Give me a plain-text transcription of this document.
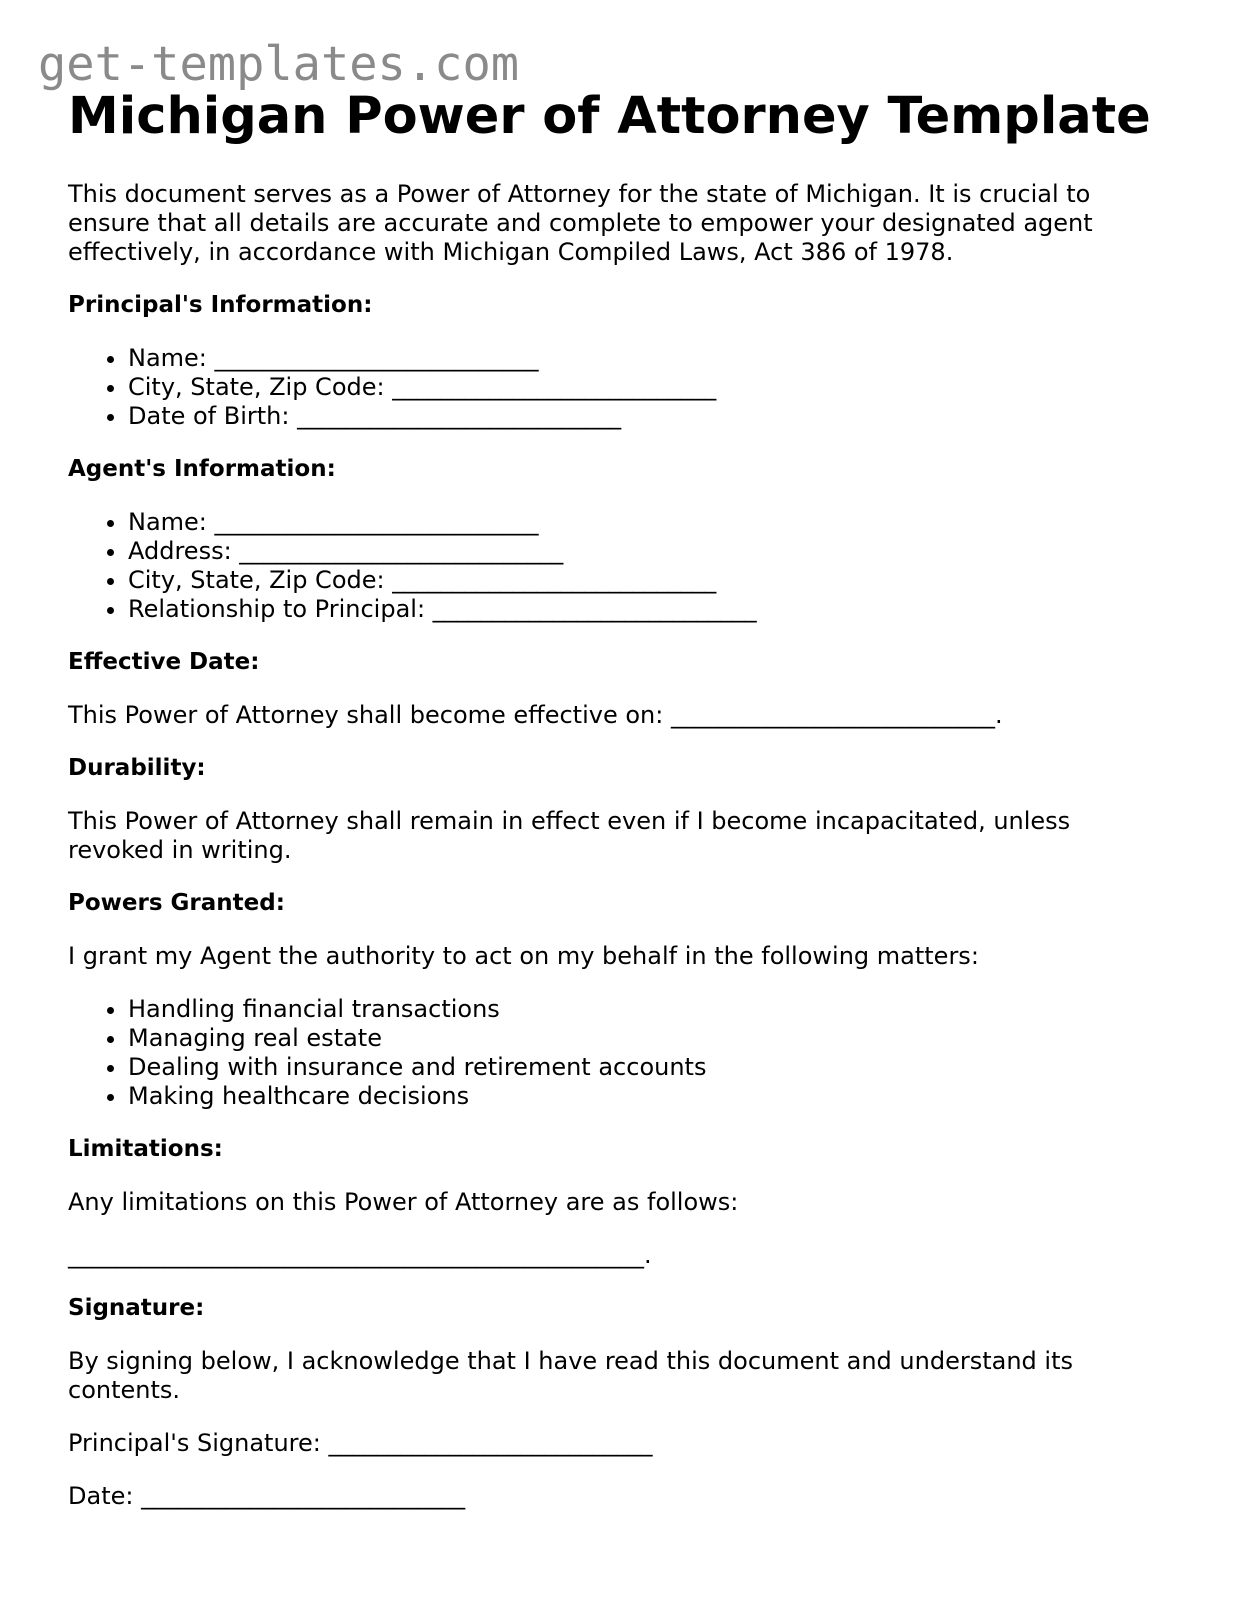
get-templates.com
Michigan Power of Attorney Template

This document serves as a Power of Attorney for the state of Michigan. It is crucial to ensure that all details are accurate and complete to empower your designated agent effectively, in accordance with Michigan Compiled Laws, Act 386 of 1978.

Principal's Information:
• Name: ___________________________
• City, State, Zip Code: ___________________________
• Date of Birth: ___________________________
Agent's Information:
• Name: ___________________________
• Address: ___________________________
• City, State, Zip Code: ___________________________
• Relationship to Principal: ___________________________
Effective Date:

This Power of Attorney shall become effective on: ___________________________.

Durability:

This Power of Attorney shall remain in effect even if I become incapacitated, unless revoked in writing.

Powers Granted:

I grant my Agent the authority to act on my behalf in the following matters:

• Handling financial transactions
• Managing real estate
• Dealing with insurance and retirement accounts
• Making healthcare decisions
Limitations:

Any limitations on this Power of Attorney are as follows:

________________________________________________.

Signature:

By signing below, I acknowledge that I have read this document and understand its contents.

Principal's Signature: ___________________________

Date: ___________________________
